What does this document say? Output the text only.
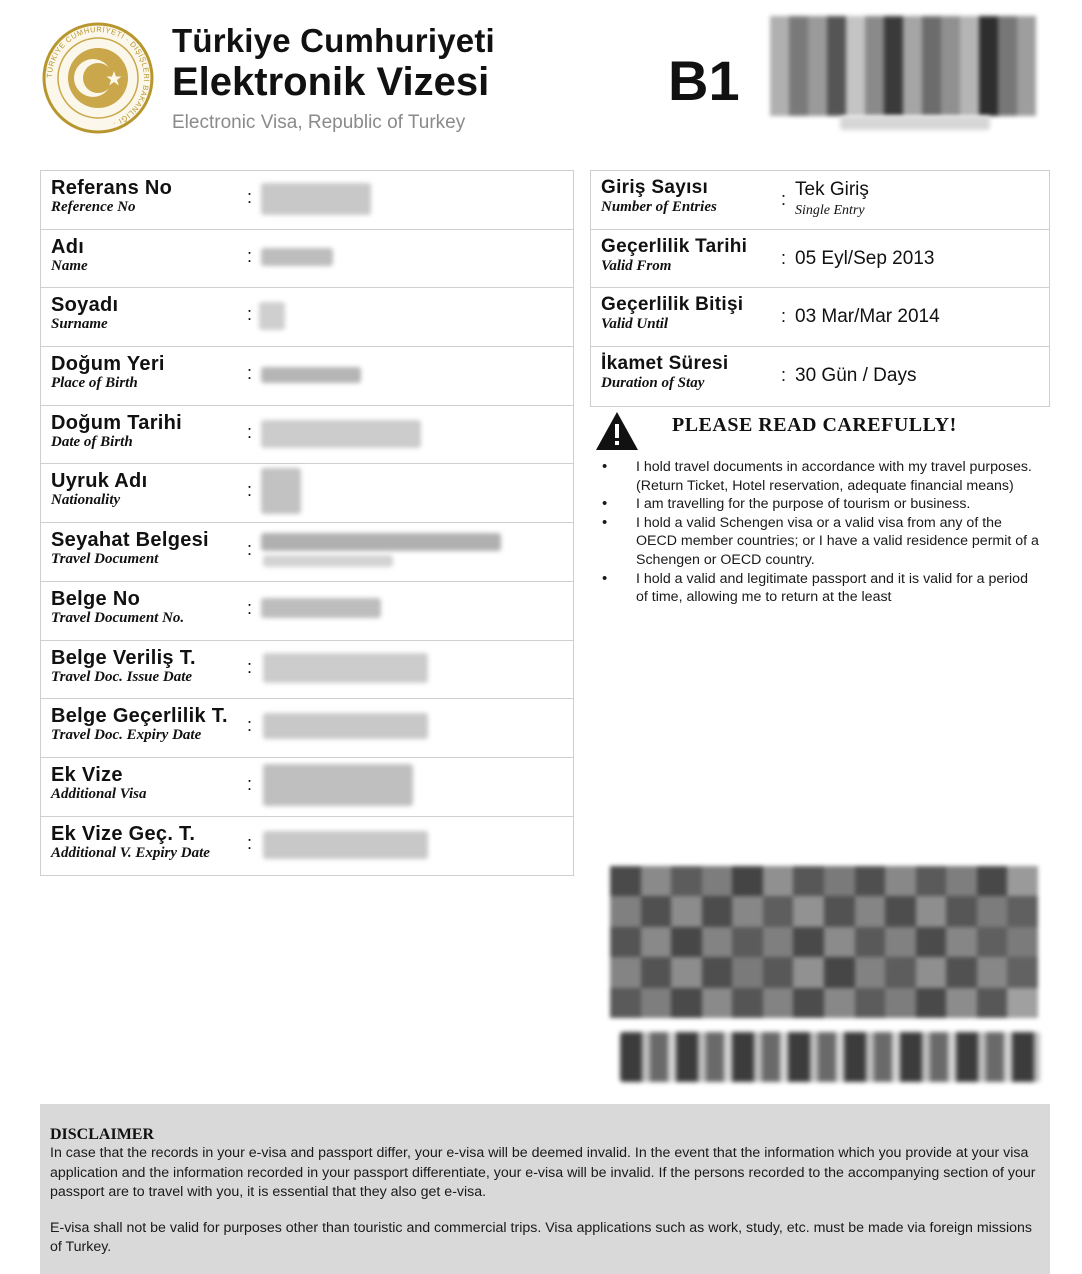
TÜRKİYE CUMHURİYETİ · DIŞİŞLERİ BAKANLIĞI ·
Türkiye Cumhuriyeti
Elektronik Vizesi
Electronic Visa, Republic of Turkey
B1
Referans No
Reference No	:
Adı
Name	:
Soyadı
Surname	:
Doğum Yeri
Place of Birth	:
Doğum Tarihi
Date of Birth	:
Uyruk Adı
Nationality	:
Seyahat Belgesi
Travel Document	:
Belge No
Travel Document No.	:
Belge Veriliş T.
Travel Doc. Issue Date	:
Belge Geçerlilik T.
Travel Doc. Expiry Date	:
Ek Vize
Additional Visa	:
Ek Vize Geç. T.
Additional V. Expiry Date :
Giriş Sayısı
Number of Entries	: Tek Giriş
Single Entry
Geçerlilik Tarihi
Valid From	: 05 Eyl/Sep 2013
Geçerlilik Bitişi
Valid Until	: 03 Mar/Mar 2014
İkamet Süresi
Duration of Stay	: 30 Gün / Days
PLEASE READ CAREFULLY!
• I hold travel documents in accordance with my travel purposes. (Return Ticket, Hotel reservation, adequate financial means)
• I am travelling for the purpose of tourism or business.
• I hold a valid Schengen visa or a valid visa from any of the OECD member countries; or I have a valid residence permit of a Schengen or OECD country.
• I hold a valid and legitimate passport and it is valid for a period of time, allowing me to return at the least
DISCLAIMER

In case that the records in your e-visa and passport differ, your e-visa will be deemed invalid. In the event that the information which you provide at your visa application and the information recorded in your passport differentiate, your e-visa will be invalid. If the persons recorded to the accompanying section of your passport are to travel with you, it is essential that they also get e-visa.

E-visa shall not be valid for purposes other than touristic and commercial trips. Visa applications such as work, study, etc. must be made via foreign missions of Turkey.
